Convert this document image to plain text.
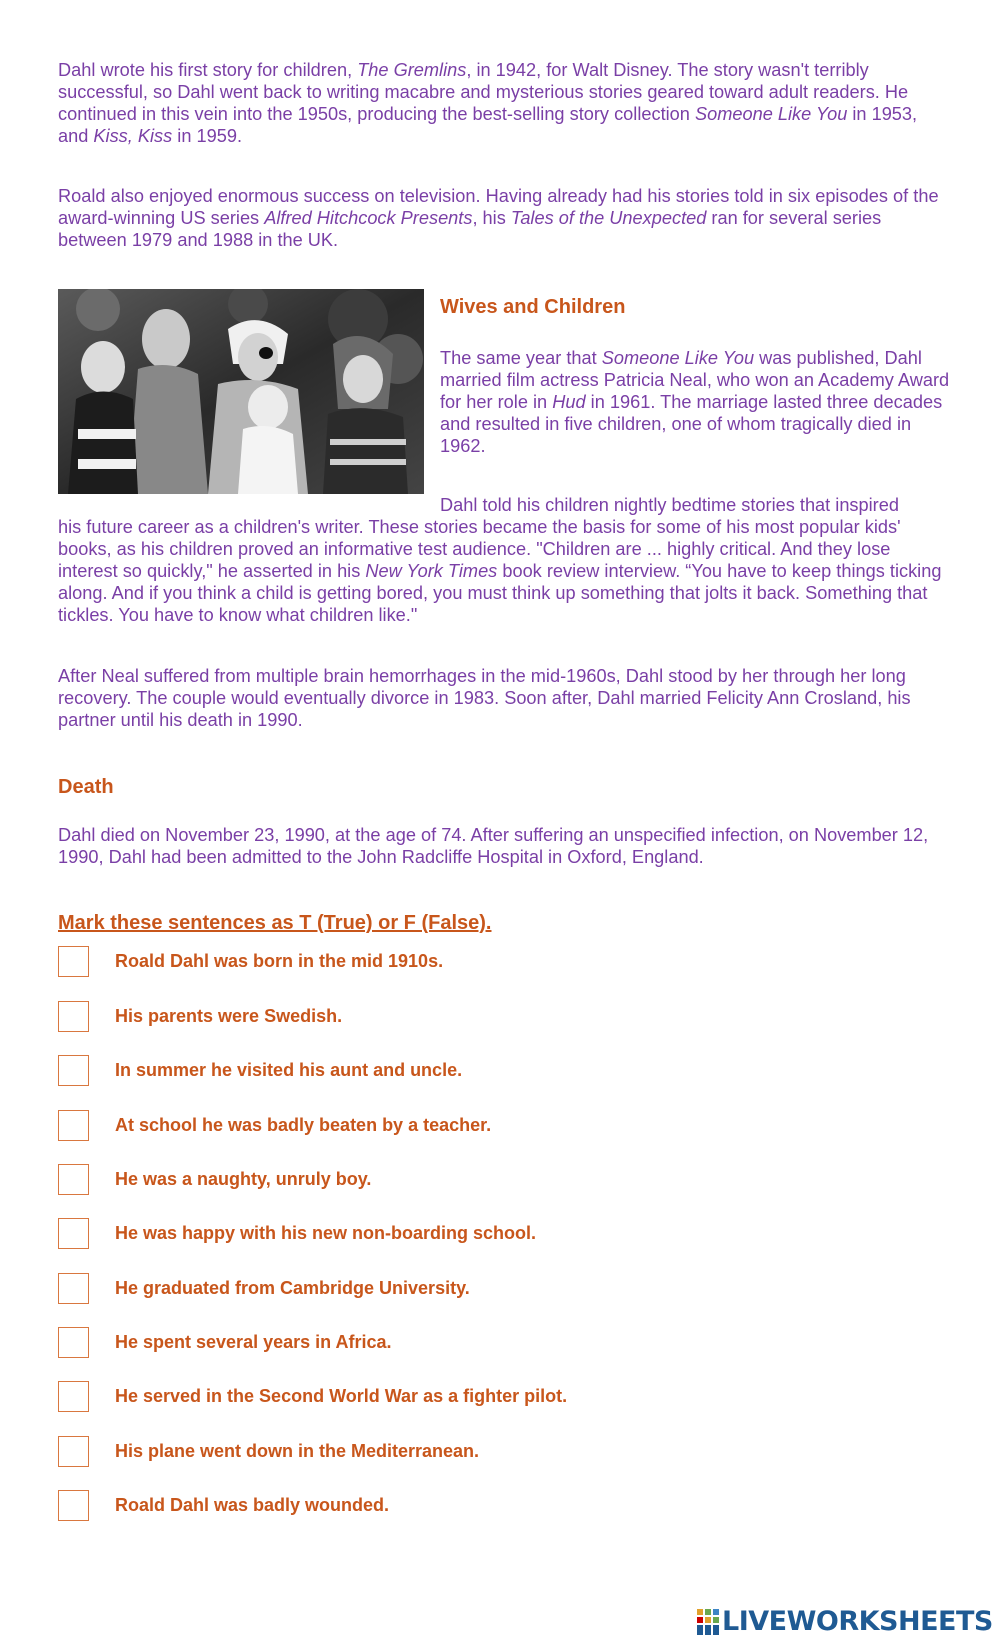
Dahl wrote his first story for children, The Gremlins, in 1942, for Walt Disney. The story wasn't terribly successful, so Dahl went back to writing macabre and mysterious stories geared toward adult readers. He continued in this vein into the 1950s, producing the best-selling story collection Someone Like You in 1953, and Kiss, Kiss in 1959.

Roald also enjoyed enormous success on television. Having already had his stories told in six episodes of the award-winning US series Alfred Hitchcock Presents, his Tales of the Unexpected ran for several series between 1979 and 1988 in the UK.

Wives and Children

The same year that Someone Like You was published, Dahl married film actress Patricia Neal, who won an Academy Award for her role in Hud in 1961. The marriage lasted three decades and resulted in five children, one of whom tragically died in 1962.

Dahl told his children nightly bedtime stories that inspired

his future career as a children's writer. These stories became the basis for some of his most popular kids' books, as his children proved an informative test audience. "Children are ... highly critical. And they lose interest so quickly," he asserted in his New York Times book review interview. “You have to keep things ticking along. And if you think a child is getting bored, you must think up something that jolts it back. Something that tickles. You have to know what children like."

After Neal suffered from multiple brain hemorrhages in the mid-1960s, Dahl stood by her through her long recovery. The couple would eventually divorce in 1983. Soon after, Dahl married Felicity Ann Crosland, his partner until his death in 1990.

Death

Dahl died on November 23, 1990, at the age of 74. After suffering an unspecified infection, on November 12, 1990, Dahl had been admitted to the John Radcliffe Hospital in Oxford, England.

Mark these sentences as T (True) or F (False).
Roald Dahl was born in the mid 1910s.
His parents were Swedish.
In summer he visited his aunt and uncle.
At school he was badly beaten by a teacher.
He was a naughty, unruly boy.
He was happy with his new non-boarding school.
He graduated from Cambridge University.
He spent several years in Africa.
He served in the Second World War as a fighter pilot.
His plane went down in the Mediterranean.
Roald Dahl was badly wounded.
LIVEWORKSHEETS
